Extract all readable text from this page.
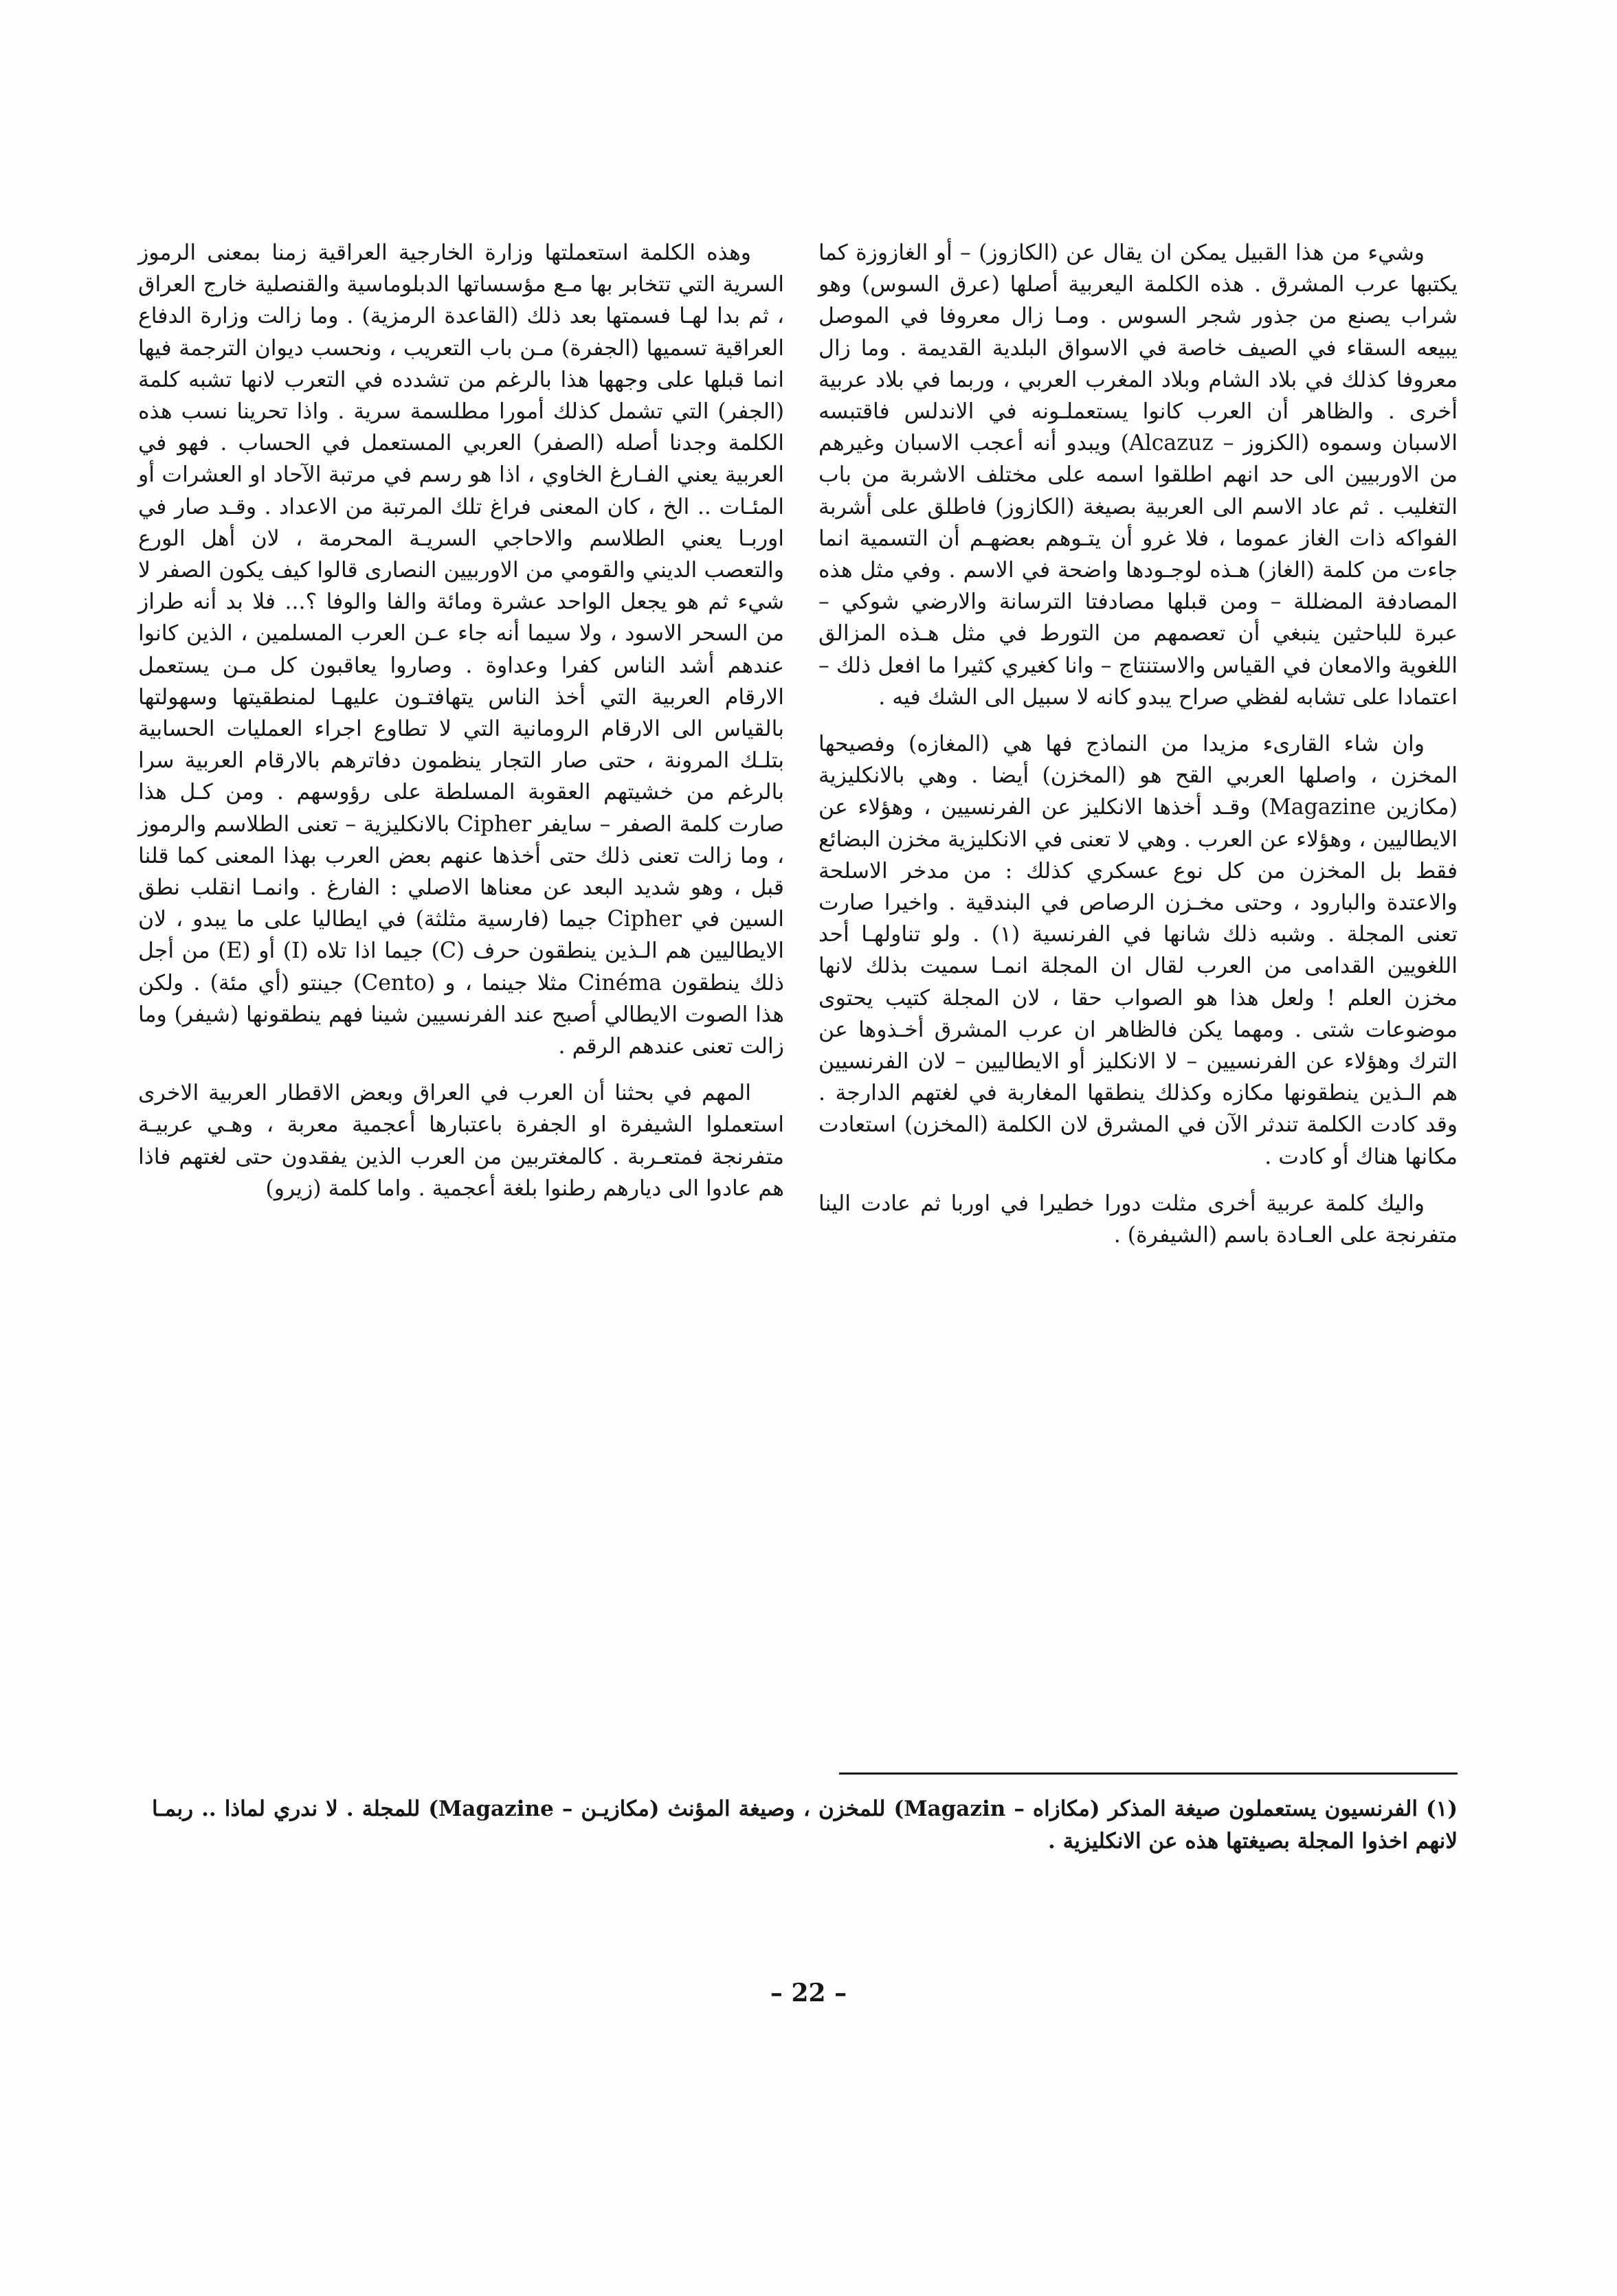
وشيء من هذا القبيل يمكن ان يقال عن (الكازوز) – أو الغازوزة كما يكتبها عرب المشرق . هذه الكلمة اليعربية أصلها (عرق السوس) وهو شراب يصنع من جذور شجر السوس . ومـا زال معروفا في الموصل يبيعه السقاء في الصيف خاصة في الاسواق البلدية القديمة . وما زال معروفا كذلك في بلاد الشام وبلاد المغرب العربي ، وربما في بلاد عربية أخرى . والظاهر أن العرب كانوا يستعملـونه في الاندلس فاقتبسه الاسبان وسموه (الكزوز – Alcazuz) ويبدو أنه أعجب الاسبان وغيرهم من الاوربيين الى حد انهم اطلقوا اسمه على مختلف الاشربة من باب التغليب . ثم عاد الاسم الى العربية بصيغة (الكازوز) فاطلق على أشربة الفواكه ذات الغاز عموما ، فلا غرو أن يتـوهم بعضهـم أن التسمية انما جاءت من كلمة (الغاز) هـذه لوجـودها واضحة في الاسم . وفي مثل هذه المصادفة المضللة – ومن قبلها مصادفتا الترسانة والارضي شوكي – عبرة للباحثين ينبغي أن تعصمهم من التورط في مثل هـذه المزالق اللغوية والامعان في القياس والاستنتاج – وانا كغيري كثيرا ما افعل ذلك – اعتمادا على تشابه لفظي صراح يبدو كانه لا سبيل الى الشك فيه .

وان شاء القارىء مزيدا من النماذج فها هي (المغازه) وفصيحها المخزن ، واصلها العربي القح هو (المخزن) أيضا . وهي بالانكليزية (مكازين Magazine) وقـد أخذها الانكليز عن الفرنسيين ، وهؤلاء عن الايطاليين ، وهؤلاء عن العرب . وهي لا تعنى في الانكليزية مخزن البضائع فقط بل المخزن من كل نوع عسكري كذلك : من مدخر الاسلحة والاعتدة والبارود ، وحتى مخـزن الرصاص في البندقية . واخيرا صارت تعنى المجلة . وشبه ذلك شانها في الفرنسية (١) . ولو تناولهـا أحد اللغويين القدامى من العرب لقال ان المجلة انمـا سميت بذلك لانها مخزن العلم ! ولعل هذا هو الصواب حقا ، لان المجلة كتيب يحتوى موضوعات شتى . ومهما يكن فالظاهر ان عرب المشرق أخـذوها عن الترك وهؤلاء عن الفرنسيين – لا الانكليز أو الايطاليين – لان الفرنسيين هم الـذين ينطقونها مكازه وكذلك ينطقها المغاربة في لغتهم الدارجة . وقد كادت الكلمة تندثر الآن في المشرق لان الكلمة (المخزن) استعادت مكانها هناك أو كادت .

واليك كلمة عربية أخرى مثلت دورا خطيرا في اوربا ثم عادت الينا متفرنجة على العـادة باسم (الشيفرة) .

وهذه الكلمة استعملتها وزارة الخارجية العراقية زمنا بمعنى الرموز السرية التي تتخابر بها مـع مؤسساتها الدبلوماسية والقنصلية خارج العراق ، ثم بدا لهـا فسمتها بعد ذلك (القاعدة الرمزية) . وما زالت وزارة الدفاع العراقية تسميها (الجفرة) مـن باب التعريب ، ونحسب ديوان الترجمة فيها انما قبلها على وجهها هذا بالرغم من تشدده في التعرب لانها تشبه كلمة (الجفر) التي تشمل كذلك أمورا مطلسمة سرية . واذا تحرينا نسب هذه الكلمة وجدنا أصله (الصفر) العربي المستعمل في الحساب . فهو في العربية يعني الفـارغ الخاوي ، اذا هو رسم في مرتبة الآحاد او العشرات أو المئـات .. الخ ، كان المعنى فراغ تلك المرتبة من الاعداد . وقـد صار في اوربـا يعني الطلاسم والاحاجي السريـة المحرمة ، لان أهل الورع والتعصب الديني والقومي من الاوربيين النصارى قالوا كيف يكون الصفر لا شيء ثم هو يجعل الواحد عشرة ومائة والفا والوفا ؟... فلا بد أنه طراز من السحر الاسود ، ولا سيما أنه جاء عـن العرب المسلمين ، الذين كانوا عندهم أشد الناس كفرا وعداوة . وصاروا يعاقبون كل مـن يستعمل الارقام العربية التي أخذ الناس يتهافتـون عليهـا لمنطقيتها وسهولتها بالقياس الى الارقام الرومانية التي لا تطاوع اجراء العمليات الحسابية بتلـك المرونة ، حتى صار التجار ينظمون دفاترهم بالارقام العربية سرا بالرغم من خشيتهم العقوبة المسلطة على رؤوسهم . ومن كـل هذا صارت كلمة الصفر – سايفر Cipher بالانكليزية – تعنى الطلاسم والرموز ، وما زالت تعنى ذلك حتى أخذها عنهم بعض العرب بهذا المعنى كما قلنا قبل ، وهو شديد البعد عن معناها الاصلي : الفارغ . وانمـا انقلب نطق السين في Cipher جيما (فارسية مثلثة) في ايطاليا على ما يبدو ، لان الايطاليين هم الـذين ينطقون حرف (C) جيما اذا تلاه (I) أو (E) من أجل ذلك ينطقون Cinéma مثلا جينما ، و (Cento) جينتو (أي مئة) . ولكن هذا الصوت الايطالي أصبح عند الفرنسيين شينا فهم ينطقونها (شيفر) وما زالت تعنى عندهم الرقم .

المهم في بحثنا أن العرب في العراق وبعض الاقطار العربية الاخرى استعملوا الشيفرة او الجفرة باعتبارها أعجمية معربة ، وهـي عربيـة متفرنجة فمتعـربة . كالمغتربين من العرب الذين يفقدون حتى لغتهم فاذا هم عادوا الى ديارهم رطنوا بلغة أعجمية . واما كلمة (زيرو)

(١) الفرنسيون يستعملون صيغة المذكر (مكازاه – Magazin) للمخزن ، وصيغة المؤنث (مكازيـن – Magazine) للمجلة . لا ندري لماذا .. ربمـا لانهم اخذوا المجلة بصيغتها هذه عن الانكليزية .
– 22 –
